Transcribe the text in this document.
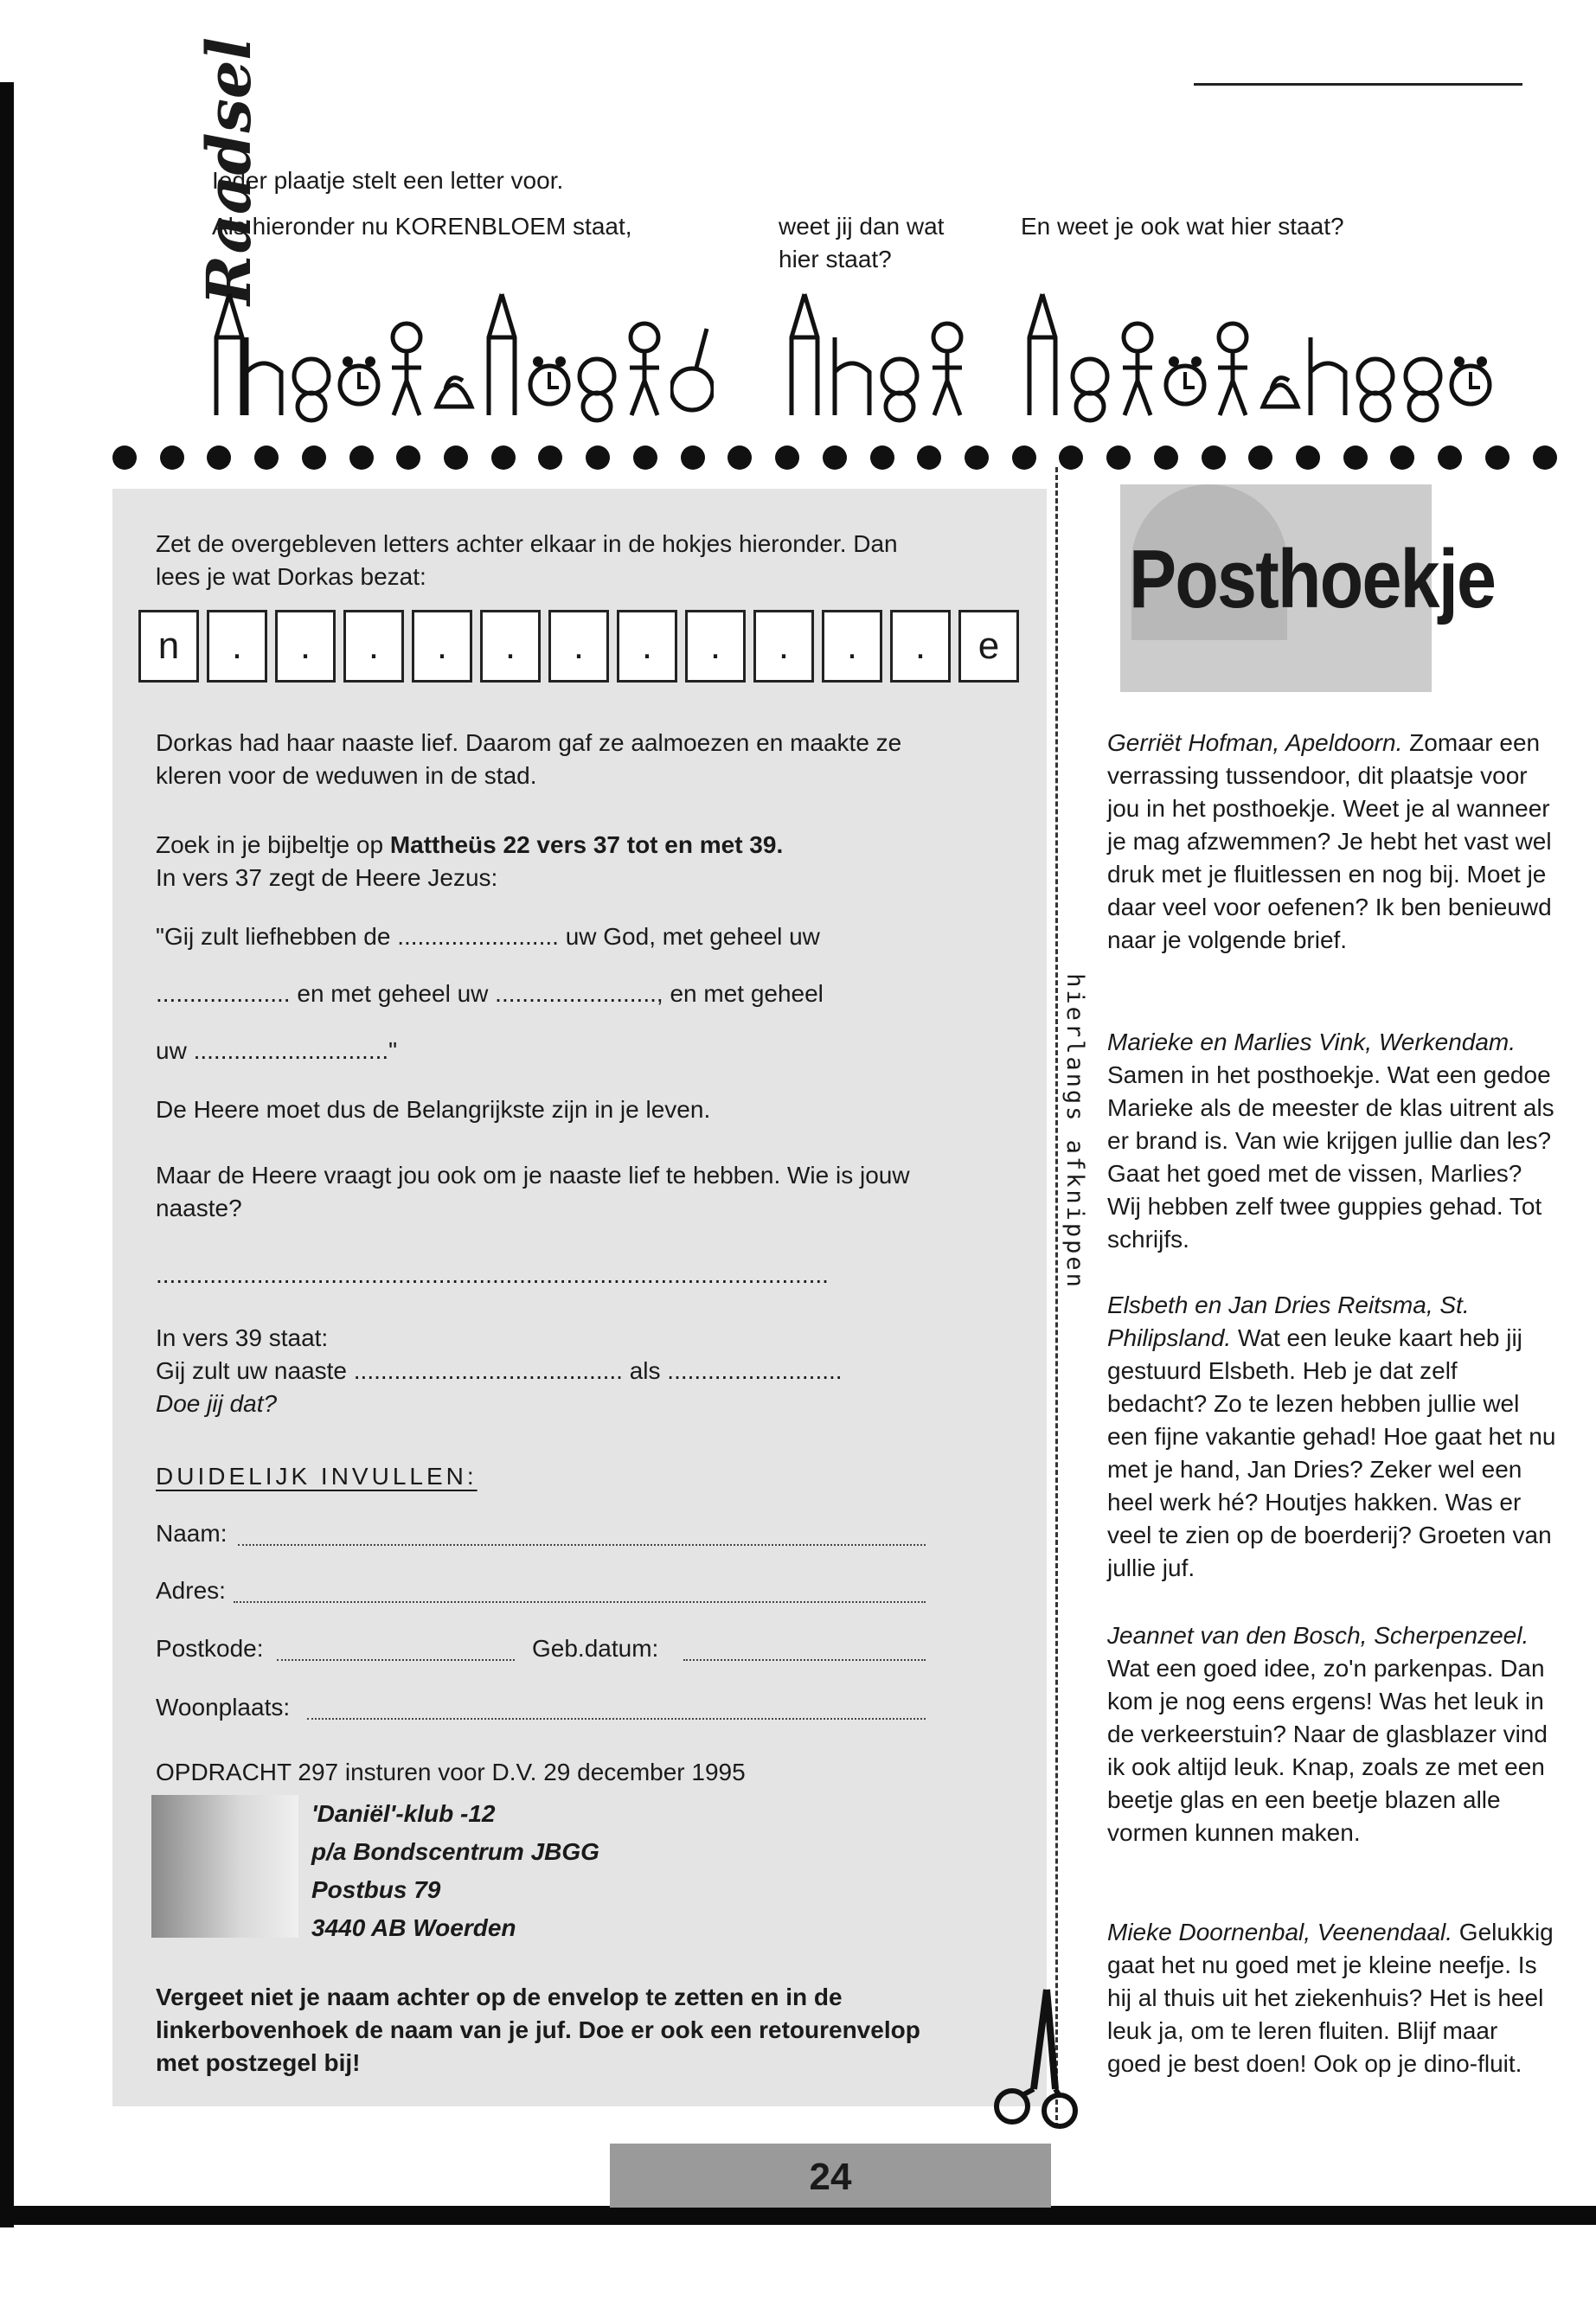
Raadsel
Ieder plaatje stelt een letter voor.
Als hieronder nu KORENBLOEM staat,	weet jij dan wat hier staat?
En weet je ook wat hier staat?
hierlangs afknippen
Zet de overgebleven letters achter elkaar in de hokjes hieronder. Dan lees je wat Dorkas bezat:
n	.	.	.	.	.	.	.	.	.	.	.	e
Dorkas had haar naaste lief. Daarom gaf ze aalmoezen en maakte ze kleren voor de weduwen in de stad.
Zoek in je bijbeltje op Mattheüs 22 vers 37 tot en met 39.
In vers 37 zegt de Heere Jezus:
"Gij zult liefhebben de ........................ uw God, met geheel uw
.................... en met geheel uw ........................, en met geheel
uw ............................."
De Heere moet dus de Belangrijkste zijn in je leven.
Maar de Heere vraagt jou ook om je naaste lief te hebben. Wie is jouw naaste?
....................................................................................................
In vers 39 staat:
Gij zult uw naaste ........................................ als ..........................
Doe jij dat?
DUIDELIJK INVULLEN:
Naam:
Adres:
Postkode:	Geb.datum:
Woonplaats:
OPDRACHT 297 insturen voor D.V. 29 december 1995
'Daniël'-klub -12
p/a Bondscentrum JBGG
Postbus 79
3440 AB Woerden
Vergeet niet je naam achter op de envelop te zetten en in de linkerbovenhoek de naam van je juf. Doe er ook een retourenvelop met postzegel bij!
Posthoekje

Gerriët Hofman, Apeldoorn. Zomaar een verrassing tussendoor, dit plaatsje voor jou in het posthoekje. Weet je al wanneer je mag afzwemmen? Je hebt het vast wel druk met je fluitlessen en nog bij. Moet je daar veel voor oefenen? Ik ben benieuwd naar je volgende brief.

Marieke en Marlies Vink, Werkendam. Samen in het posthoekje. Wat een gedoe Marieke als de meester de klas uitrent als er brand is. Van wie krijgen jullie dan les? Gaat het goed met de vissen, Marlies? Wij hebben zelf twee guppies gehad. Tot schrijfs.

Elsbeth en Jan Dries Reitsma, St. Philipsland. Wat een leuke kaart heb jij gestuurd Elsbeth. Heb je dat zelf bedacht? Zo te lezen hebben jullie wel een fijne vakantie gehad! Hoe gaat het nu met je hand, Jan Dries? Zeker wel een heel werk hé? Houtjes hakken. Was er veel te zien op de boerderij? Groeten van jullie juf.

Jeannet van den Bosch, Scherpenzeel. Wat een goed idee, zo'n parkenpas. Dan kom je nog eens ergens! Was het leuk in de verkeerstuin? Naar de glasblazer vind ik ook altijd leuk. Knap, zoals ze met een beetje glas en een beetje blazen alle vormen kunnen maken.

Mieke Doornenbal, Veenendaal. Gelukkig gaat het nu goed met je kleine neefje. Is hij al thuis uit het ziekenhuis? Het is heel leuk ja, om te leren fluiten. Blijf maar goed je best doen! Ook op je dino-fluit.

24
